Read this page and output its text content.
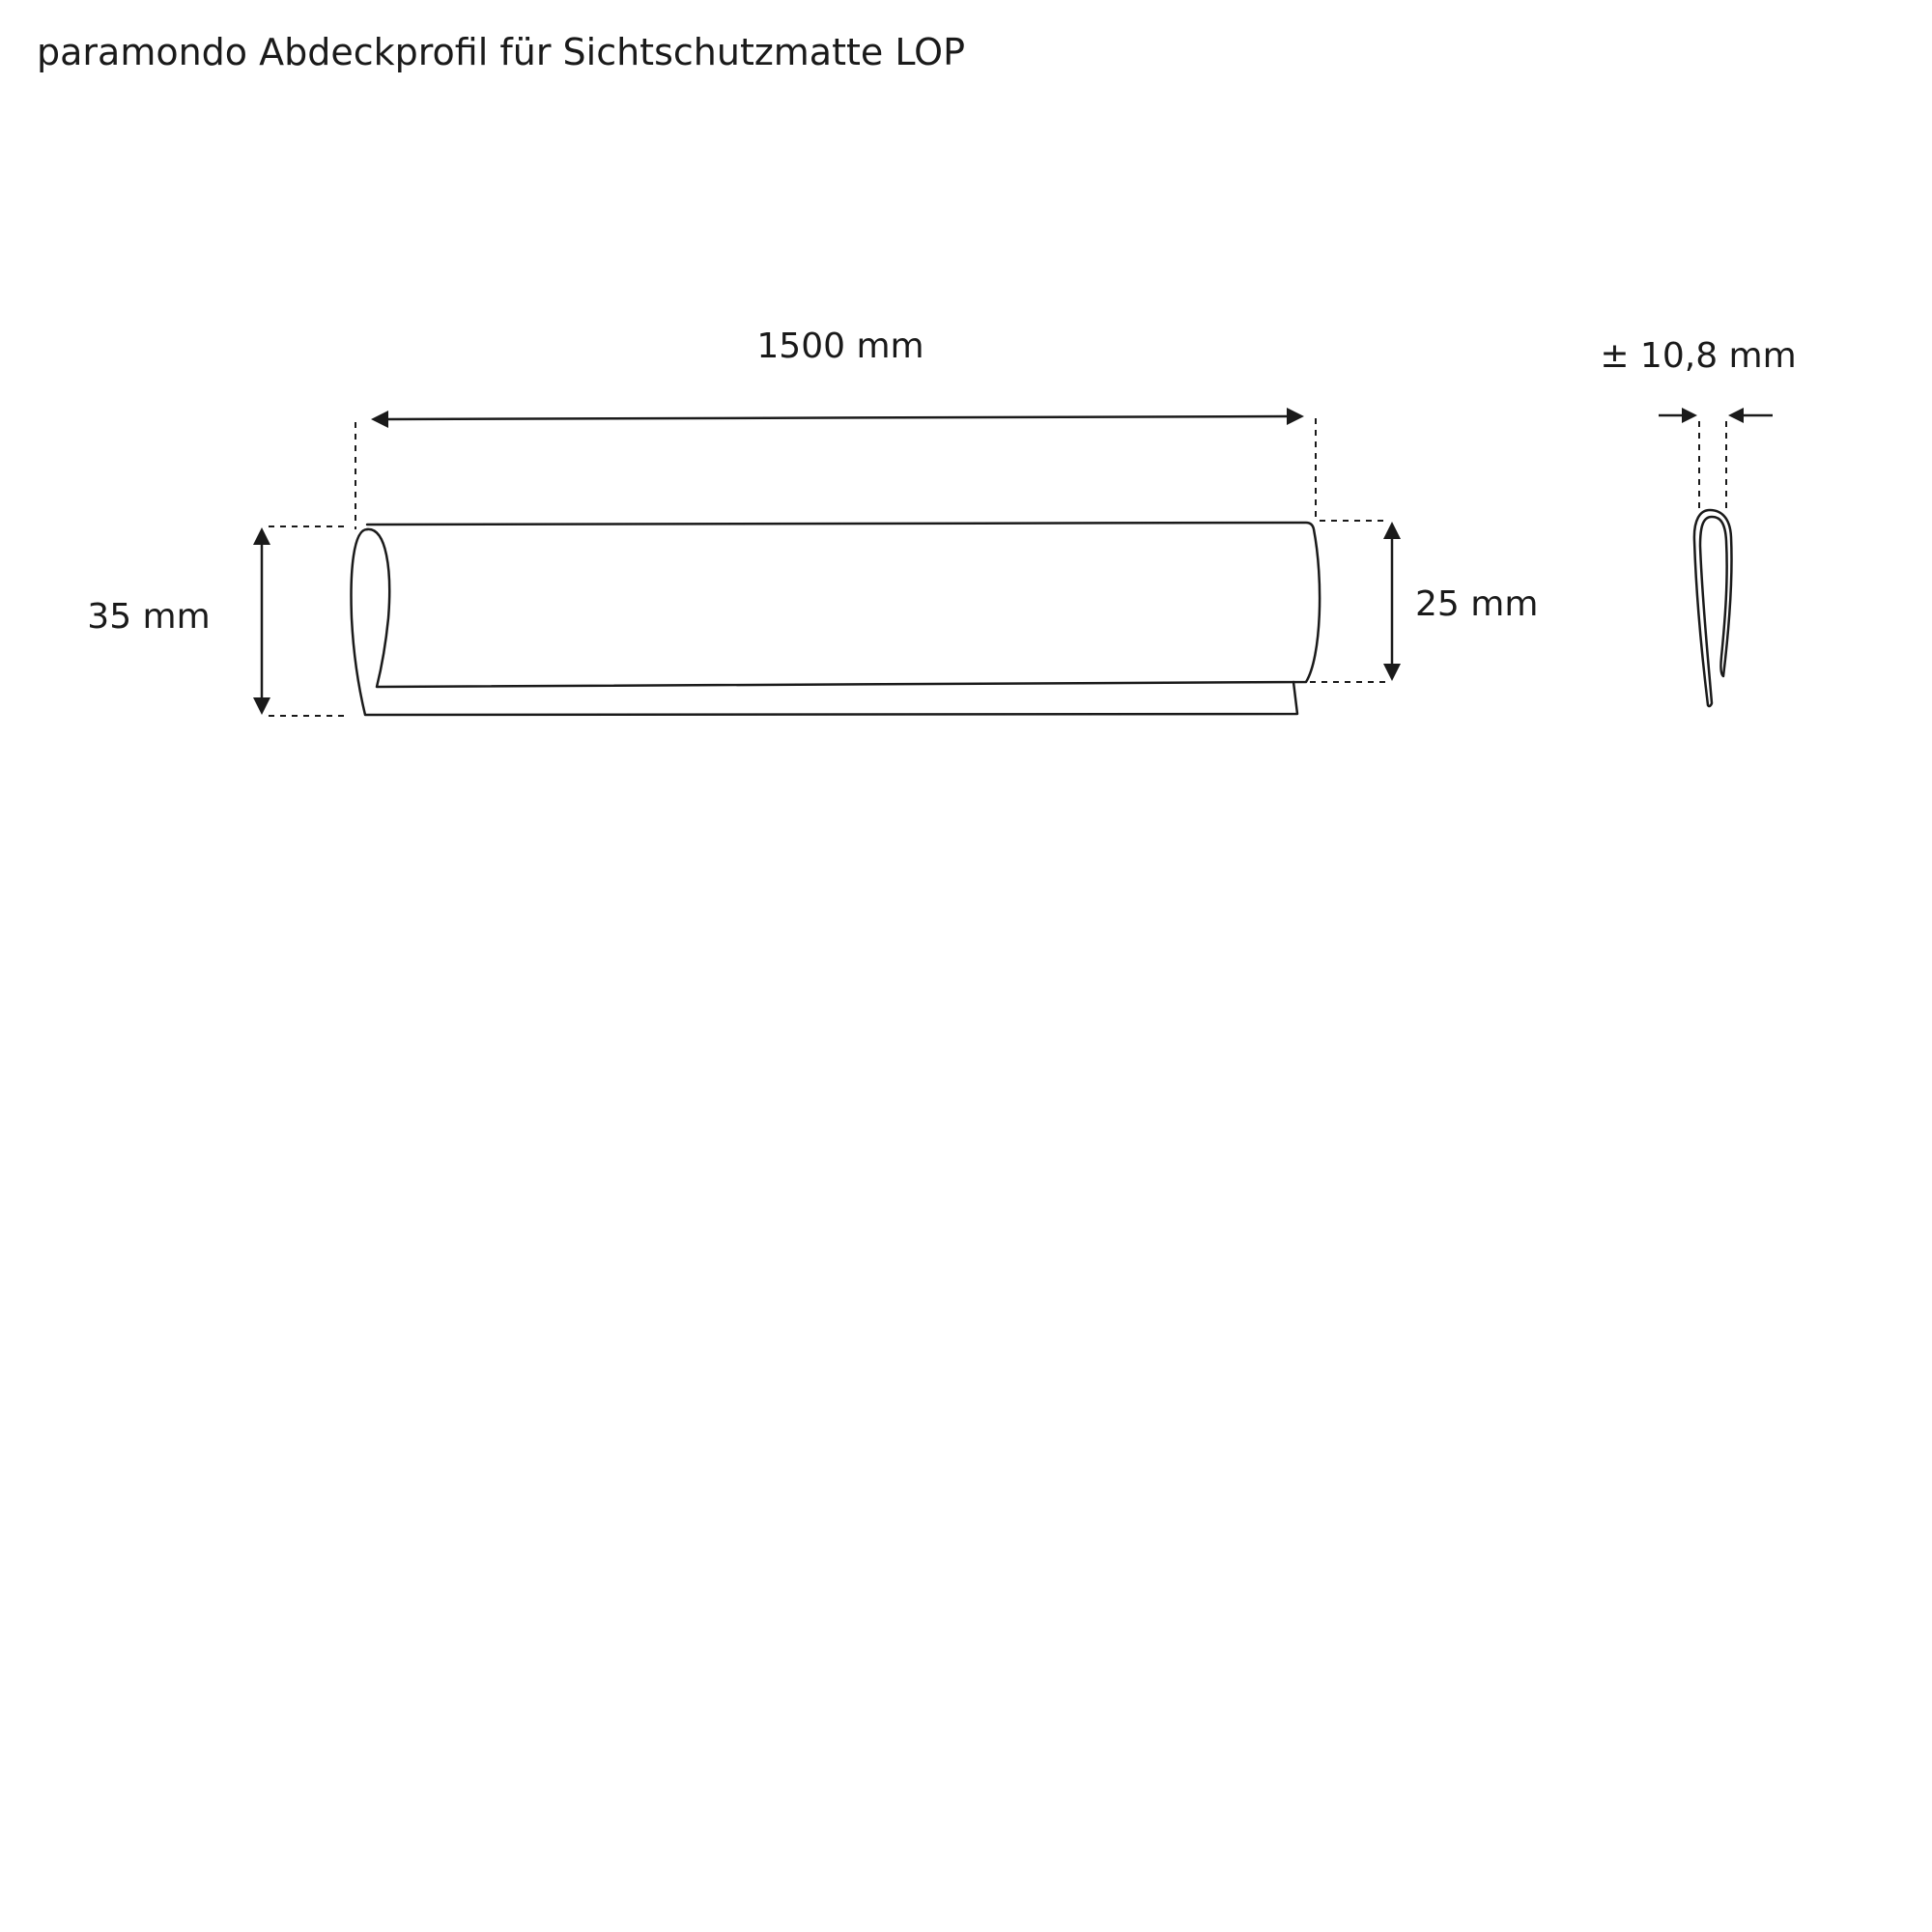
paramondo Abdeckprofil für Sichtschutzmatte LOP
1500 mm
35 mm	25 mm
± 10,8 mm
